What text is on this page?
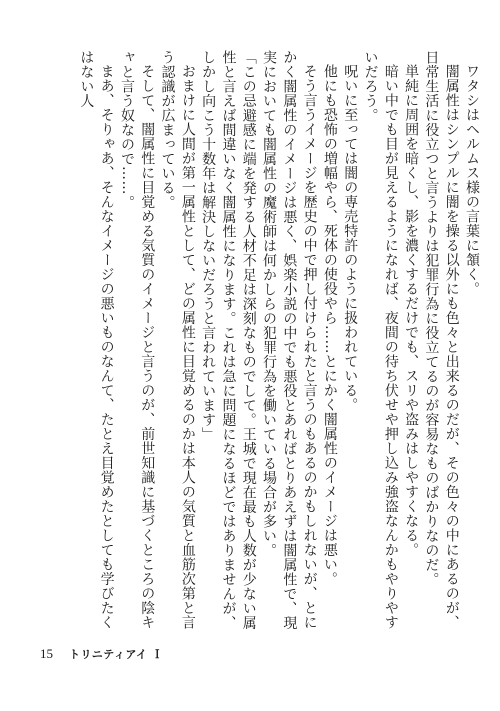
ワタシはヘルムス様の言葉に頷く。

闇属性はシンプルに闇を操る以外にも色々と出来るのだが、その色々の中にあるのが、日常生活に役立つと言うよりは犯罪行為に役立てるのが容易なものばかりなのだ。

単純に周囲を暗くし、影を濃くするだけでも、スリや盗みはしやすくなる。

暗い中でも目が見えるようになれば、夜間の待ち伏せや押し込み強盗なんかもやりやすいだろう。

呪いに至っては闇の専売特許のように扱われている。

他にも恐怖の増幅やら、死体の使役やら……とにかく闇属性のイメージは悪い。

そう言うイメージを歴史の中で押し付けられたと言うのもあるのかもしれないが、とにかく闇属性のイメージは悪く、娯楽小説の中でも悪役とあればとりあえずは闇属性で、現実においても闇属性の魔術師は何かしらの犯罪行為を働いている場合が多い。

「この忌避感に端を発する人材不足は深刻なものでして。王城で現在最も人数が少ない属性と言えば間違いなく闇属性になります。これは急に問題になるほどではありませんが、しかし向こう十数年は解決しないだろうと言われています」

おまけに人間が第一属性として、どの属性に目覚めるのかは本人の気質と血筋次第と言う認識が広まっている。

そして、闇属性に目覚める気質のイメージと言うのが、前世知識に基づくところの陰キャと言う奴なので……。

まあ、そりゃあ、そんなイメージの悪いものなんて、たとえ目覚めたとしても学びたくはない人

15 トリニティアイ Ｉ
